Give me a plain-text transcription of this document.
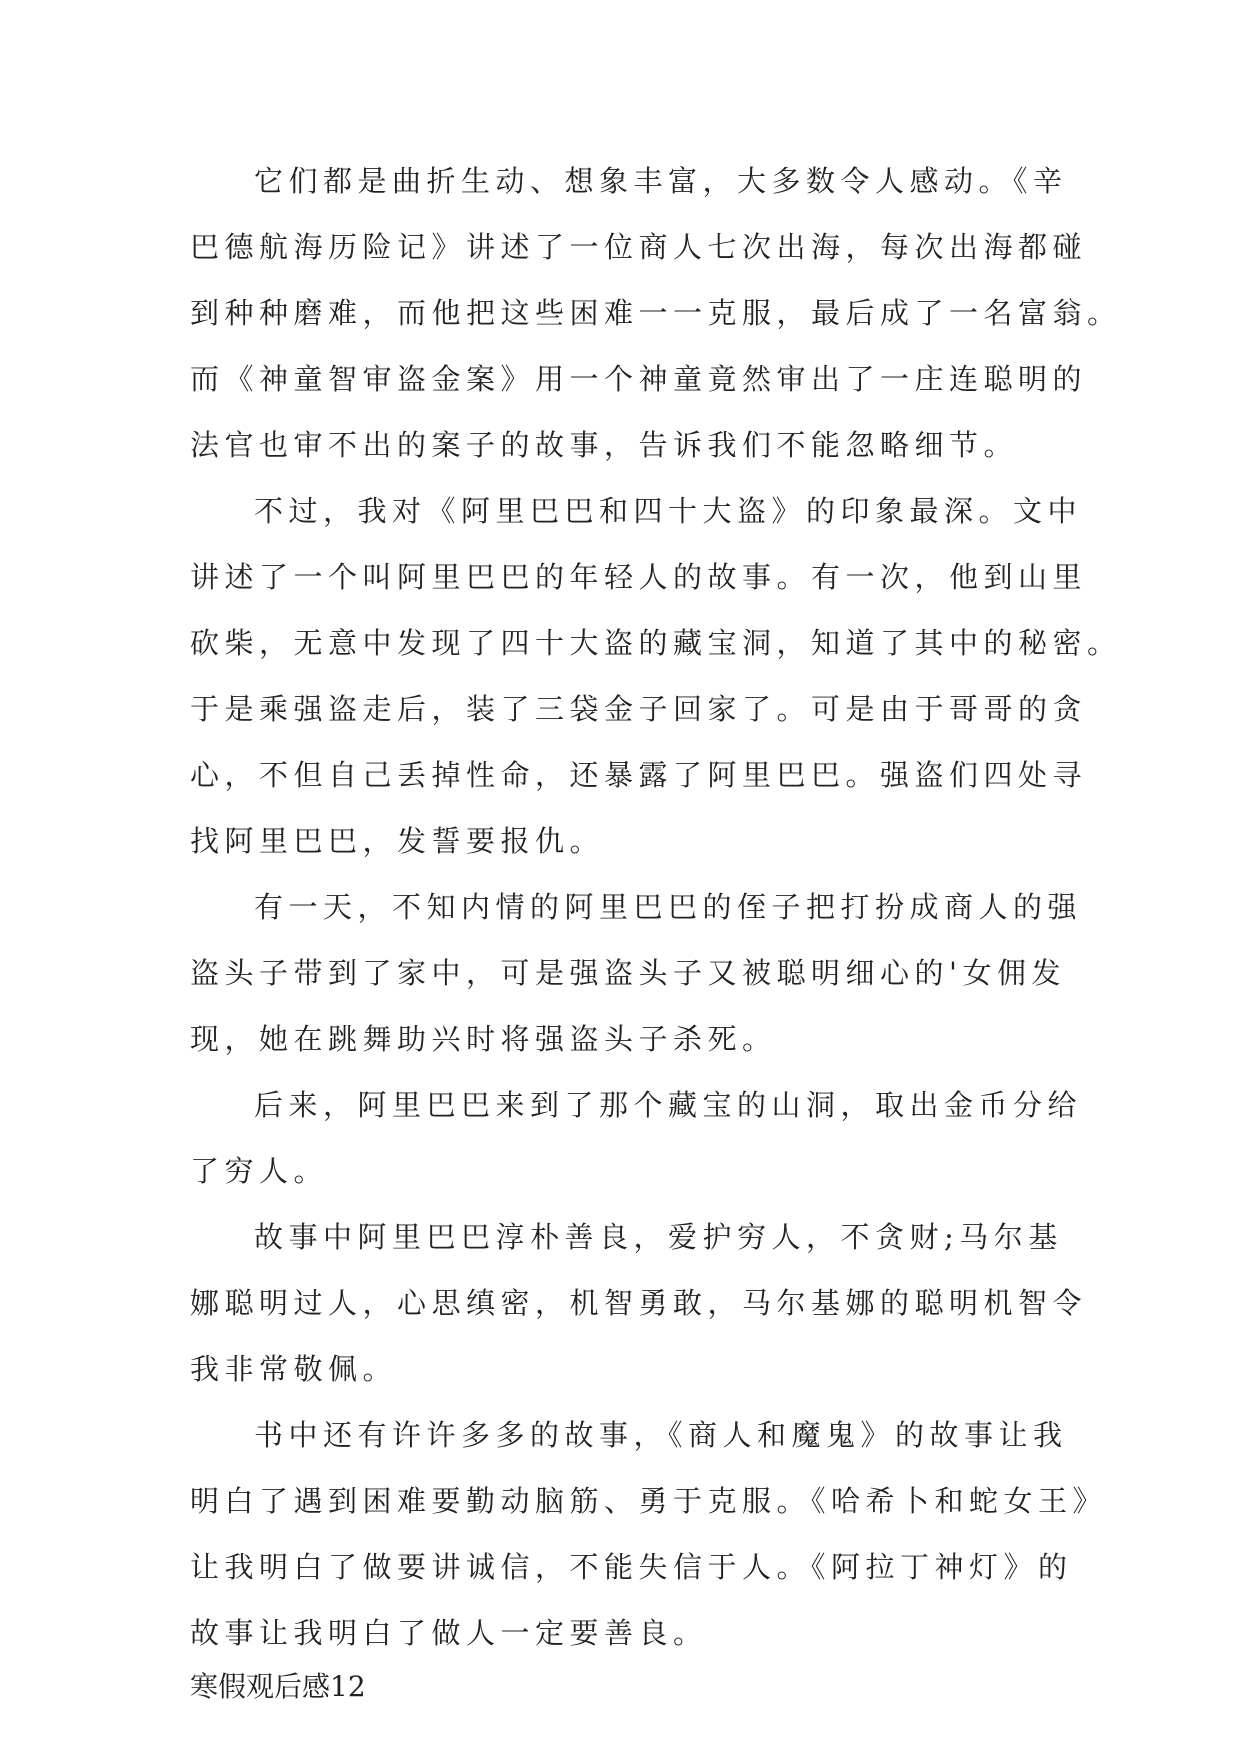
它们都是曲折生动、想象丰富，大多数令人感动。《辛
巴德航海历险记》讲述了一位商人七次出海，每次出海都碰
到种种磨难，而他把这些困难一一克服，最后成了一名富翁。
而《神童智审盗金案》用一个神童竟然审出了一庄连聪明的
法官也审不出的案子的故事，告诉我们不能忽略细节。
不过，我对《阿里巴巴和四十大盗》的印象最深。文中
讲述了一个叫阿里巴巴的年轻人的故事。有一次，他到山里
砍柴，无意中发现了四十大盗的藏宝洞，知道了其中的秘密。
于是乘强盗走后，装了三袋金子回家了。可是由于哥哥的贪
心，不但自己丢掉性命，还暴露了阿里巴巴。强盗们四处寻
找阿里巴巴，发誓要报仇。
有一天，不知内情的阿里巴巴的侄子把打扮成商人的强
盗头子带到了家中，可是强盗头子又被聪明细心的'女佣发
现，她在跳舞助兴时将强盗头子杀死。
后来，阿里巴巴来到了那个藏宝的山洞，取出金币分给
了穷人。
故事中阿里巴巴淳朴善良，爱护穷人，不贪财;马尔基
娜聪明过人，心思缜密，机智勇敢，马尔基娜的聪明机智令
我非常敬佩。
书中还有许许多多的故事，《商人和魔鬼》的故事让我
明白了遇到困难要勤动脑筋、勇于克服。《哈希卜和蛇女王》
让我明白了做要讲诚信，不能失信于人。《阿拉丁神灯》的
故事让我明白了做人一定要善良。
寒假观后感12
